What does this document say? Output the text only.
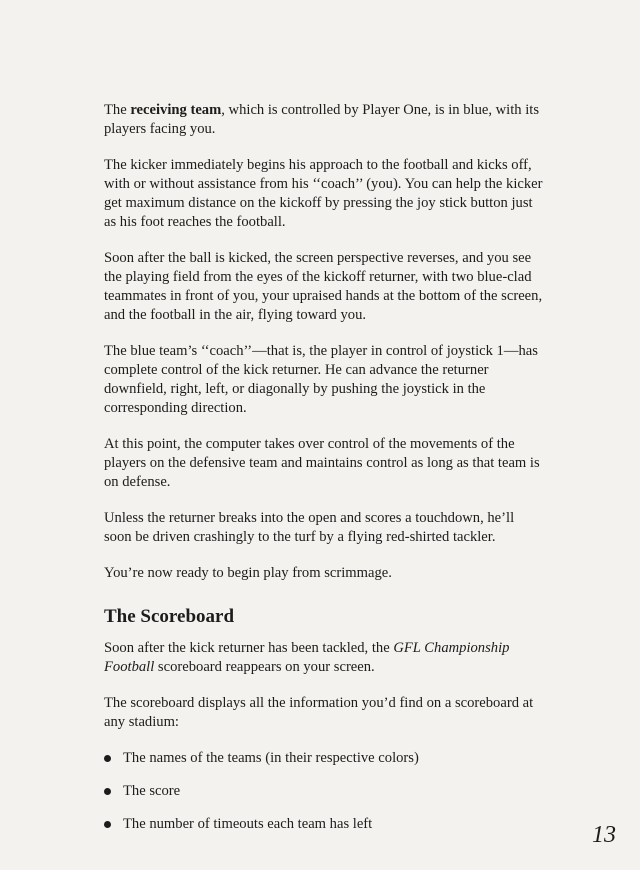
The receiving team, which is controlled by Player One, is in blue, with its players facing you.

The kicker immediately begins his approach to the football and kicks off, with or without assistance from his ‘‘coach’’ (you). You can help the kicker get maximum distance on the kickoff by pressing the joy stick button just as his foot reaches the football.

Soon after the ball is kicked, the screen perspective reverses, and you see the playing field from the eyes of the kickoff returner, with two blue-clad teammates in front of you, your upraised hands at the bottom of the screen, and the football in the air, flying toward you.

The blue team’s ‘‘coach’’—that is, the player in control of joystick 1—has complete control of the kick returner. He can advance the returner downfield, right, left, or diagonally by pushing the joystick in the corresponding direction.

At this point, the computer takes over control of the movements of the players on the defensive team and maintains control as long as that team is on defense.

Unless the returner breaks into the open and scores a touchdown, he’ll soon be driven crashingly to the turf by a flying red-shirted tackler.

You’re now ready to begin play from scrimmage.

The Scoreboard

Soon after the kick returner has been tackled, the GFL Championship Football scoreboard reappears on your screen.

The scoreboard displays all the information you’d find on a scoreboard at any stadium:

The names of the teams (in their respective colors)
The score
The number of timeouts each team has left	13
